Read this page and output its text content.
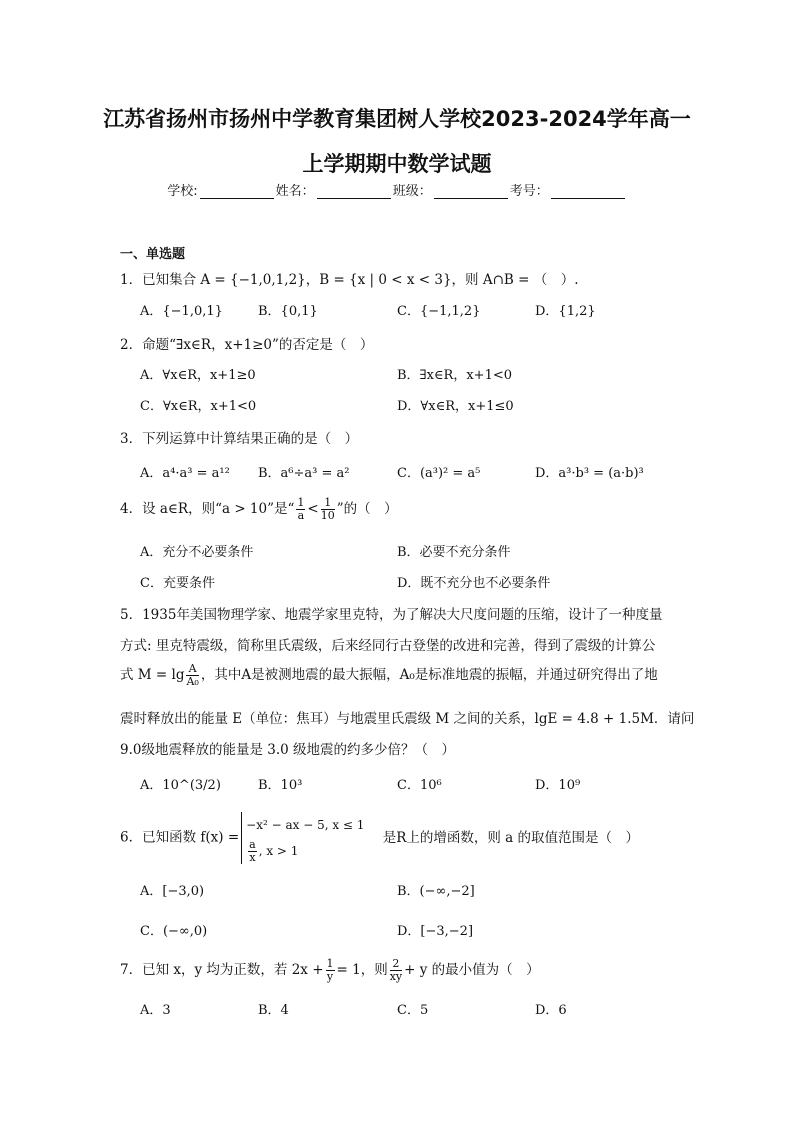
江苏省扬州市扬州中学教育集团树人学校2023-2024学年高一
上学期期中数学试题
学校:	姓名：	班级：	考号：
一、单选题
1．已知集合 A = {−1,0,1,2}，B = {x | 0 < x < 3}，则 A∩B = （　）.
A．{−1,0,1}	B．{0,1}	C．{−1,1,2}	D．{1,2}
2．命题“∃x∈R，x+1≥0”的否定是（　）
A．∀x∈R，x+1≥0	B．∃x∈R，x+1<0
C．∀x∈R，x+1<0	D．∀x∈R，x+1≤0
3．下列运算中计算结果正确的是（　）
A．a⁴·a³ = a¹² B．a⁶÷a³ = a²	C．(a³)² = a⁵	D．a³·b³ = (a·b)³
4．设 a∈R，则“a > 10”是“ $\frac{1}{a} < \frac{1}{10}$ ”的（　）
A．充分不必要条件	B．必要不充分条件
C．充要条件	D．既不充分也不必要条件
5．1935年美国物理学家、地震学家里克特，为了解决大尺度问题的压缩，设计了一种度量
方式: 里克特震级，简称里氏震级，后来经同行古登堡的改进和完善，得到了震级的计算公
式 $M = \lg \frac{A}{\text{A₀}}$ ，其中A是被测地震的最大振幅，A₀是标准地震的振幅，并通过研究得出了地
震时释放出的能量 E（单位：焦耳）与地震里氏震级 M 之间的关系，lgE = 4.8 + 1.5M．请问
9.0级地震释放的能量是 3.0 级地震的约多少倍？（　）
A．10^(3/2)	B．10³	C．10⁶	D．10⁹
6．已知函数 f(x) =
−x² − ax − 5, x ≤ 1
$\frac{a}{x}$ , x > 1
是R上的增函数，则 a 的取值范围是（　）
A．[−3,0)	B．(−∞,−2]
C．(−∞,0)	D．[−3,−2]
7．已知 x，y 均为正数，若 $2x + \frac{1}{y} = 1$，则 $\frac{2}{xy} + y$ 的最小值为（　）
A．3	B．4	C．5	D．6
